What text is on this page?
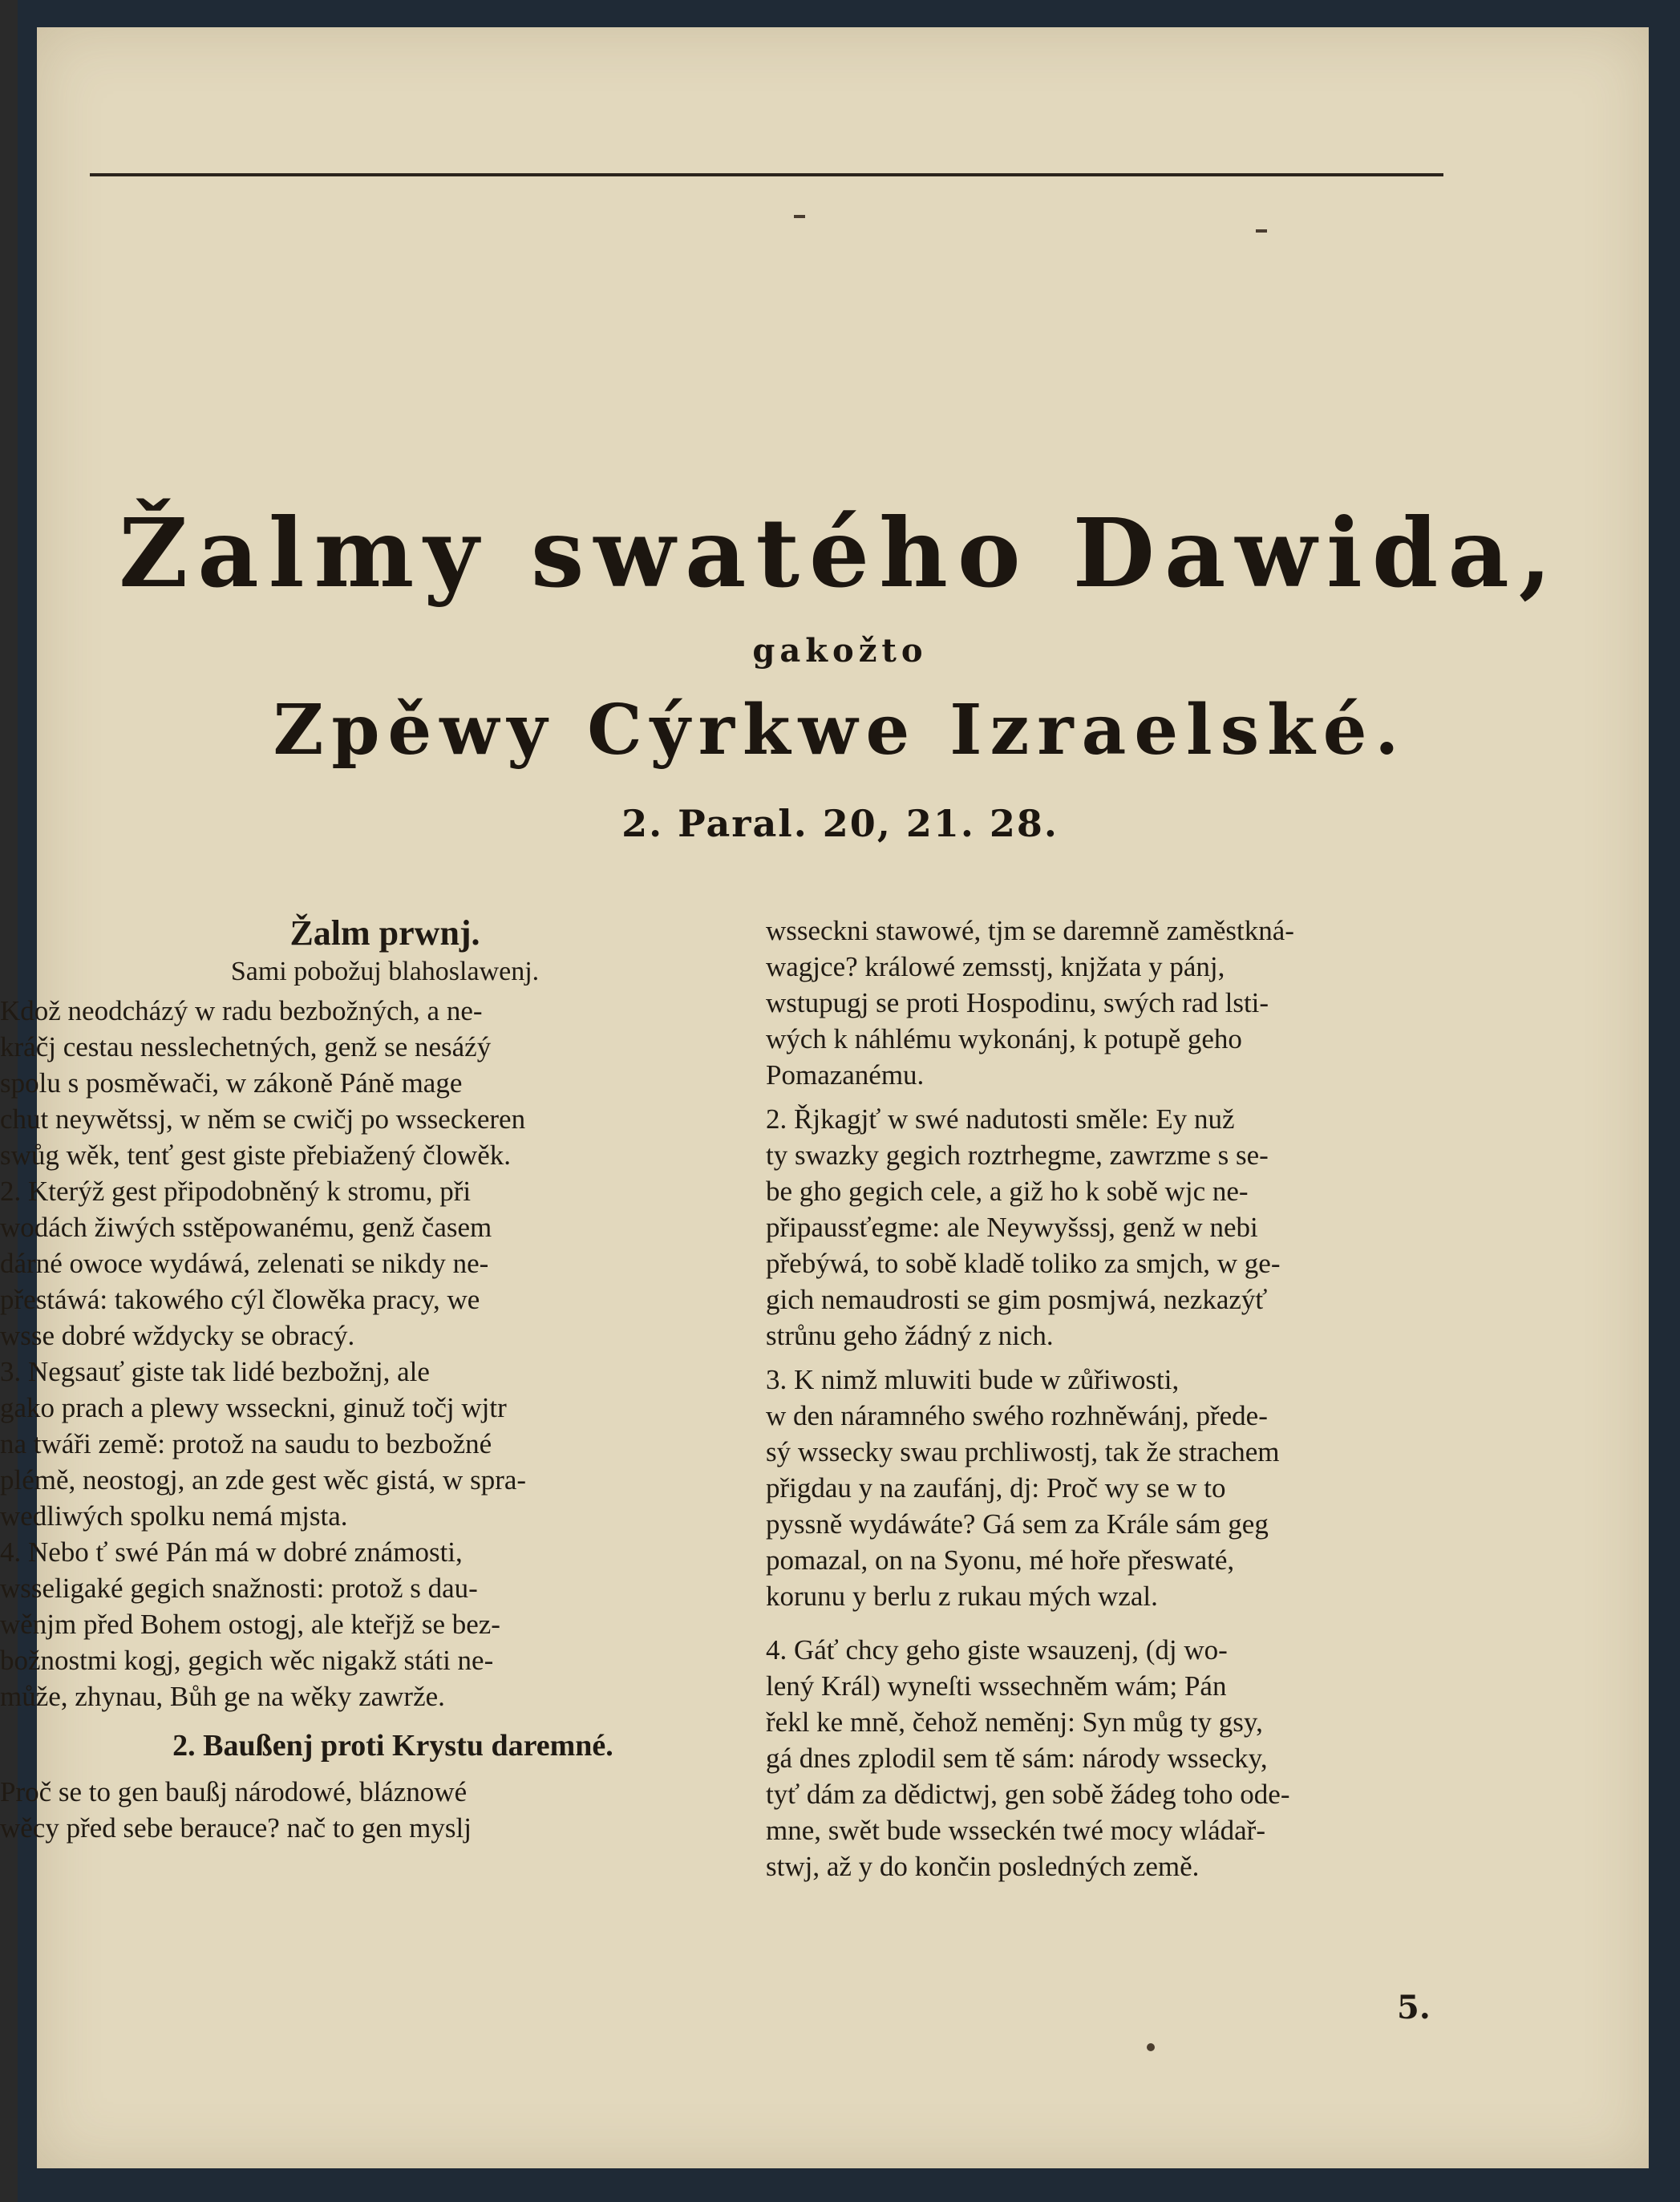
Žalmy swatého Dawida,
gakožto
Zpěwy Cýrkwe Izraelské.
2. Paral. 20, 21. 28.
Žalm prwnj.
Sami pobožuj blahoslawenj.

Kdož neodcházý w radu bezbožných, a ne-

kráčj cestau nesslechetných, genž se nesáźý

spolu s posměwači, w zákoně Páně mage

chut neywětssj, w něm se cwičj po wsseckeren

swůg wěk, tenť gest giste přebiažený člowěk.

2. Kterýž gest připodobněný k stromu, při

wodách žiwých sstěpowanému, genž časem

dárné owoce wydáwá, zelenati se nikdy ne-

přestáwá: takowého cýl člowěka pracy, we

wsse dobré wždycky se obracý.

3. Negsauť giste tak lidé bezbožnj, ale

gako prach a plewy wsseckni, ginuž točj wjtr

na twáři země: protož na saudu to bezbožné

plémě, neostogj, an zde gest wěc gistá, w spra-

wedliwých spolku nemá mjsta.

4. Nebo ť swé Pán má w dobré známosti,

wsseligaké gegich snažnosti: protož s dau-

wěnjm před Bohem ostogj, ale kteřjž se bez-

božnostmi kogj, gegich wěc nigakž státi ne-

může, zhynau, Bůh ge na wěky zawrže.

2. Baußenj proti Krystu daremné.

Proč se to gen baußj národowé, bláznowé

wěcy před sebe berauce? nač to gen myslj

wsseckni stawowé, tjm se daremně zaměstkná-

wagjce? králowé zemsstj, knjžata y pánj,

wstupugj se proti Hospodinu, swých rad lsti-

wých k náhlému wykonánj, k potupě geho

Pomazanému.

2. Řjkagjť w swé nadutosti směle: Ey nuž

ty swazky gegich roztrhegme, zawrzme s se-

be gho gegich cele, a giž ho k sobě wjc ne-

připaussťegme: ale Neywyšssj, genž w nebi

přebýwá, to sobě kladě toliko za smjch, w ge-

gich nemaudrosti se gim posmjwá, nezkazýť

strůnu geho žádný z nich.

3. K nimž mluwiti bude w zůřiwosti,

w den náramného swého rozhněwánj, přede-

sý wssecky swau prchliwostj, tak že strachem

přigdau y na zaufánj, dj: Proč wy se w to

pyssně wydáwáte? Gá sem za Krále sám geg

pomazal, on na Syonu, mé hoře přeswaté,

korunu y berlu z rukau mých wzal.

4. Gáť chcy geho giste wsauzenj, (dj wo-

lený Král) wyneſti wssechněm wám; Pán

řekl ke mně, čehož neměnj: Syn můg ty gsy,

gá dnes zplodil sem tě sám: národy wssecky,

tyť dám za dědictwj, gen sobě žádeg toho ode-

mne, swět bude wsseckén twé mocy wládař-

stwj, až y do končin posledných země.

5.
